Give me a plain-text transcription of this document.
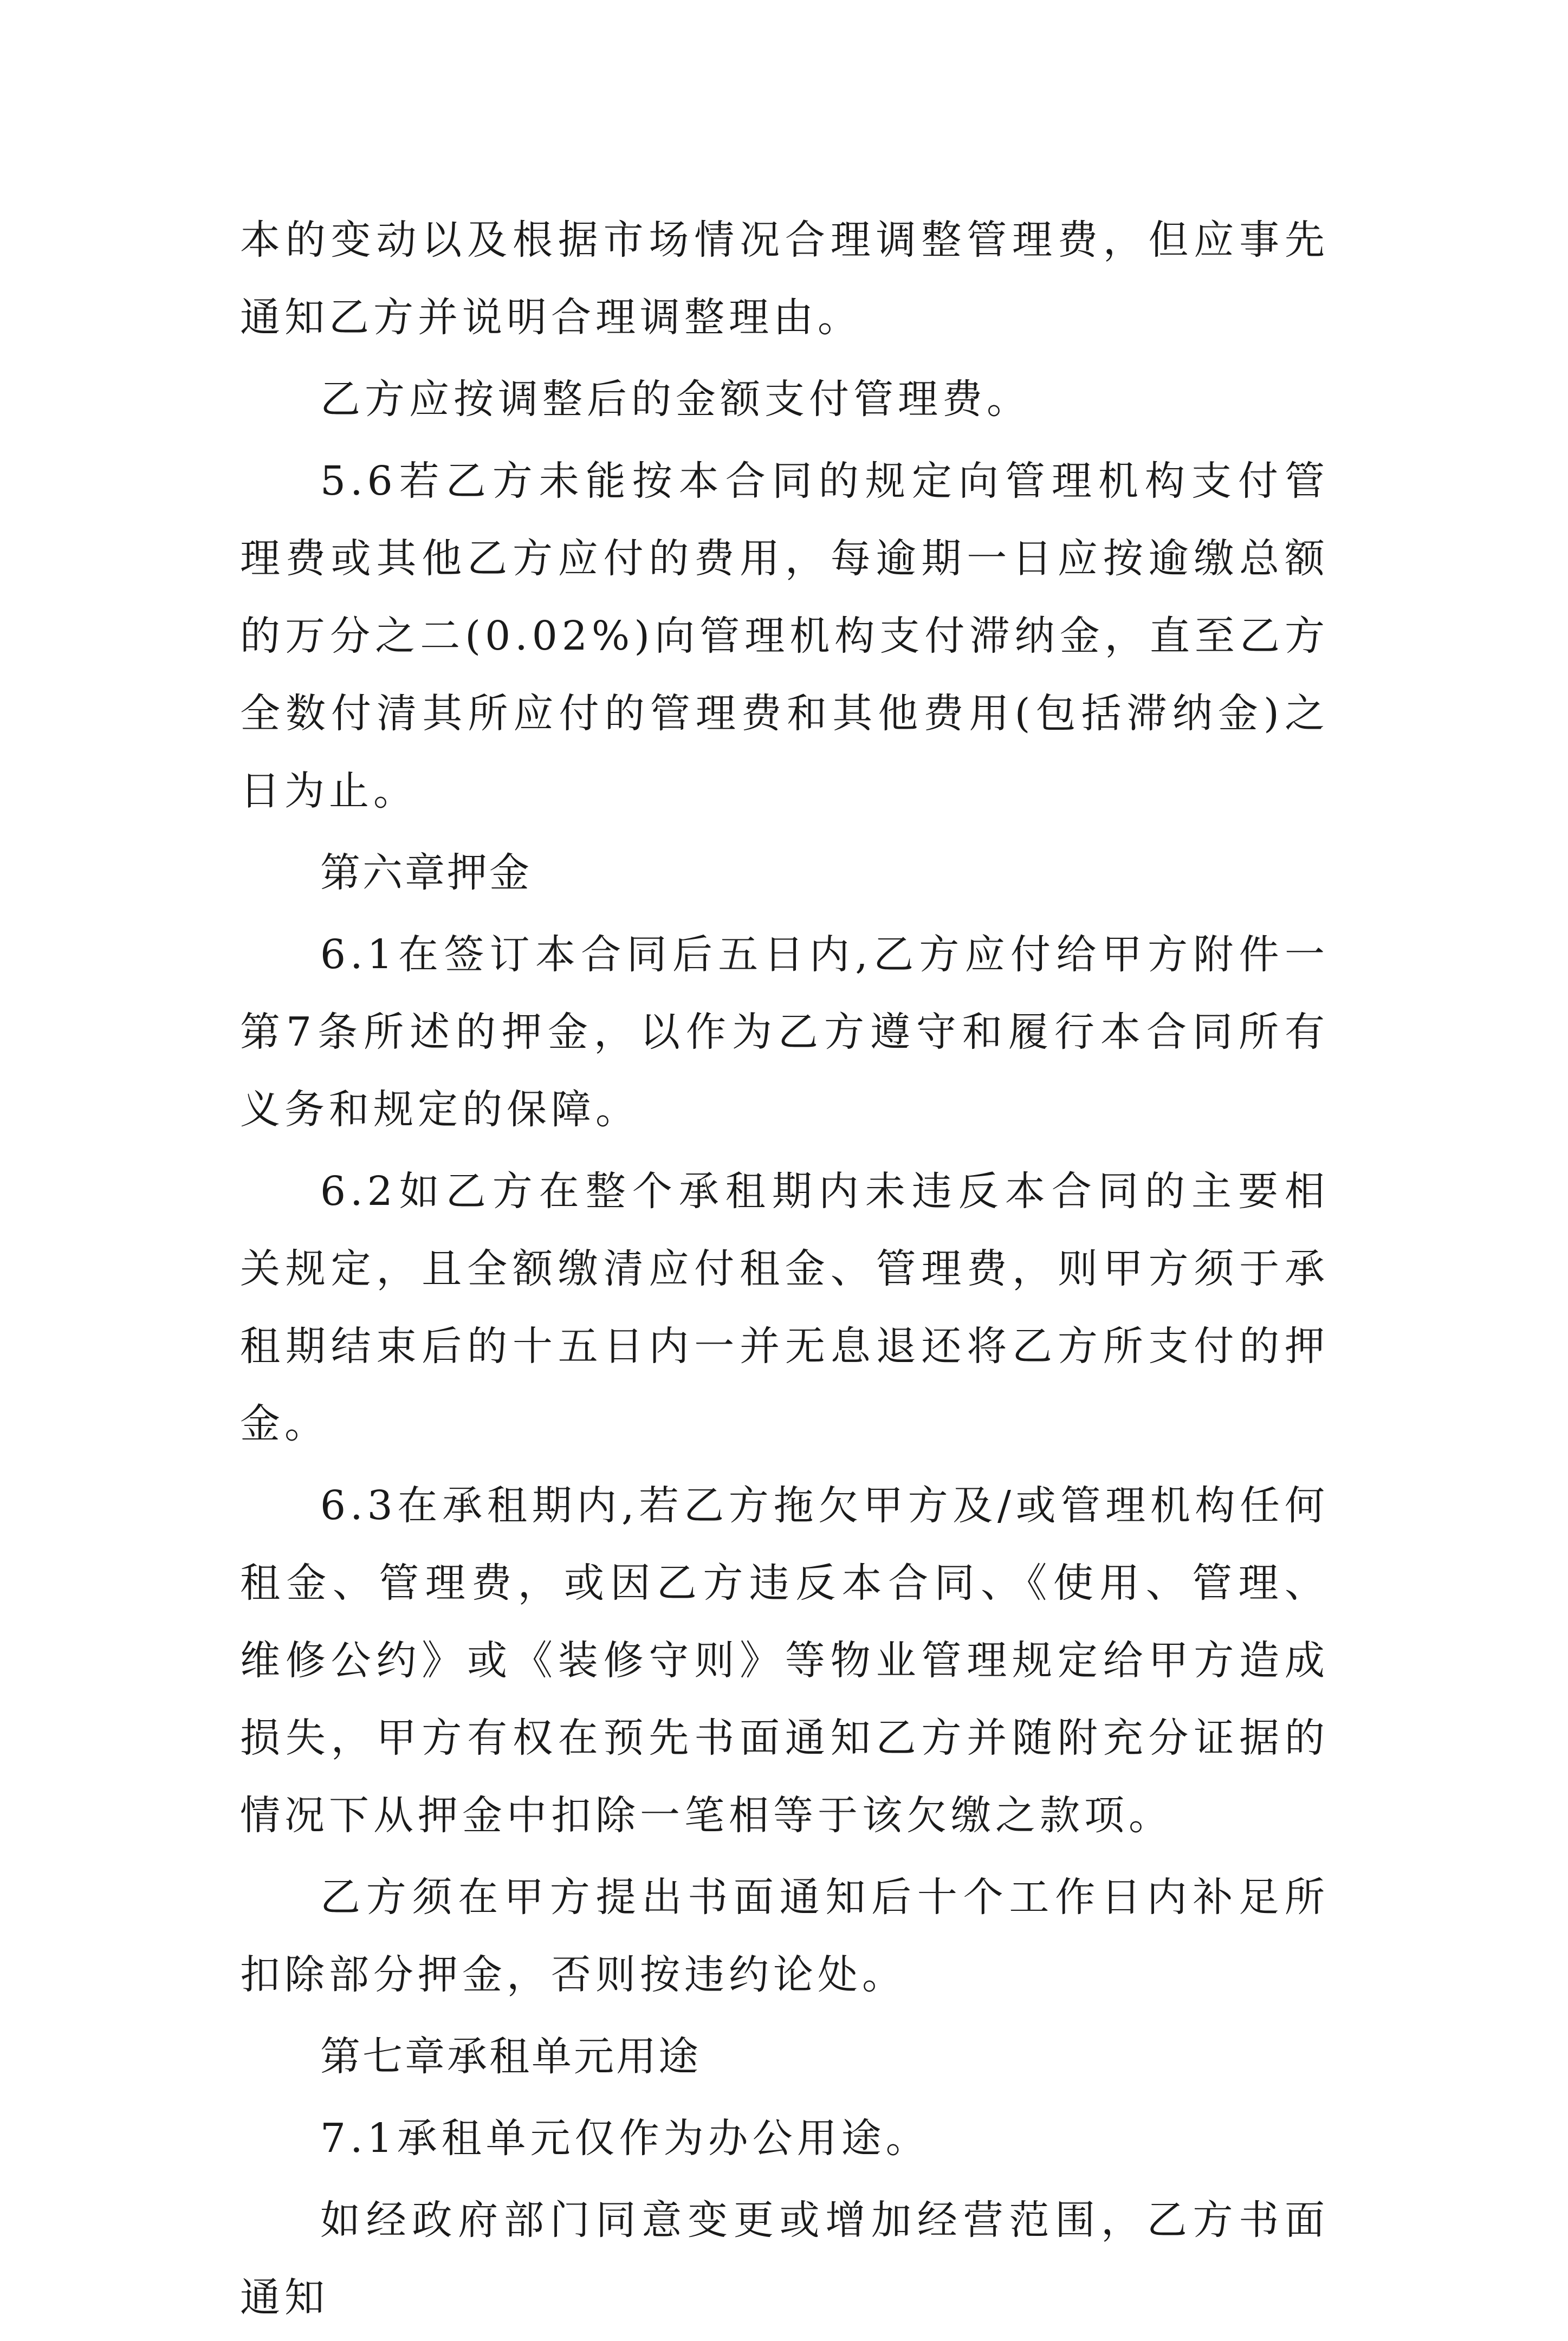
本的变动以及根据市场情况合理调整管理费，但应事先通知乙方并说明合理调整理由。

乙方应按调整后的金额支付管理费。

5.6若乙方未能按本合同的规定向管理机构支付管理费或其他乙方应付的费用，每逾期一日应按逾缴总额的万分之二(0.02%)向管理机构支付滞纳金，直至乙方全数付清其所应付的管理费和其他费用(包括滞纳金)之日为止。

第六章押金

6.1在签订本合同后五日内,乙方应付给甲方附件一第7条所述的押金，以作为乙方遵守和履行本合同所有义务和规定的保障。

6.2如乙方在整个承租期内未违反本合同的主要相关规定，且全额缴清应付租金、管理费，则甲方须于承租期结束后的十五日内一并无息退还将乙方所支付的押金。

6.3在承租期内,若乙方拖欠甲方及/或管理机构任何租金、管理费，或因乙方违反本合同、《使用、管理、维修公约》或《装修守则》等物业管理规定给甲方造成损失，甲方有权在预先书面通知乙方并随附充分证据的情况下从押金中扣除一笔相等于该欠缴之款项。

乙方须在甲方提出书面通知后十个工作日内补足所扣除部分押金，否则按违约论处。

第七章承租单元用途

7.1承租单元仅作为办公用途。

如经政府部门同意变更或增加经营范围，乙方书面通知
